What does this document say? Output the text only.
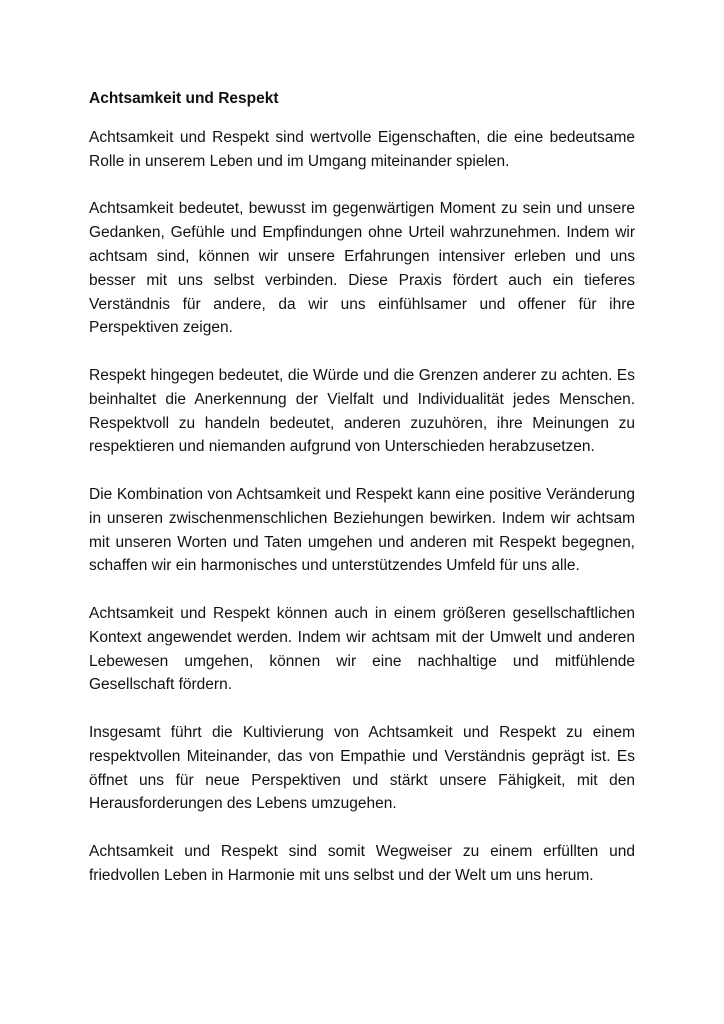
Achtsamkeit und Respekt

Achtsamkeit und Respekt sind wertvolle Eigenschaften, die eine bedeutsame Rolle in unserem Leben und im Umgang miteinander spielen.

Achtsamkeit bedeutet, bewusst im gegenwärtigen Moment zu sein und unsere Gedanken, Gefühle und Empfindungen ohne Urteil wahrzunehmen. Indem wir achtsam sind, können wir unsere Erfahrungen intensiver erleben und uns besser mit uns selbst verbinden. Diese Praxis fördert auch ein tieferes Verständnis für andere, da wir uns einfühlsamer und offener für ihre Perspektiven zeigen.

Respekt hingegen bedeutet, die Würde und die Grenzen anderer zu achten. Es beinhaltet die Anerkennung der Vielfalt und Individualität jedes Menschen. Respektvoll zu handeln bedeutet, anderen zuzuhören, ihre Meinungen zu respektieren und niemanden aufgrund von Unterschieden herabzusetzen.

Die Kombination von Achtsamkeit und Respekt kann eine positive Veränderung in unseren zwischenmenschlichen Beziehungen bewirken. Indem wir achtsam mit unseren Worten und Taten umgehen und anderen mit Respekt begegnen, schaffen wir ein harmonisches und unterstützendes Umfeld für uns alle.

Achtsamkeit und Respekt können auch in einem größeren gesellschaftlichen Kontext angewendet werden. Indem wir achtsam mit der Umwelt und anderen Lebewesen umgehen, können wir eine nachhaltige und mitfühlende Gesellschaft fördern.

Insgesamt führt die Kultivierung von Achtsamkeit und Respekt zu einem respektvollen Miteinander, das von Empathie und Verständnis geprägt ist. Es öffnet uns für neue Perspektiven und stärkt unsere Fähigkeit, mit den Herausforderungen des Lebens umzugehen.

Achtsamkeit und Respekt sind somit Wegweiser zu einem erfüllten und friedvollen Leben in Harmonie mit uns selbst und der Welt um uns herum.
